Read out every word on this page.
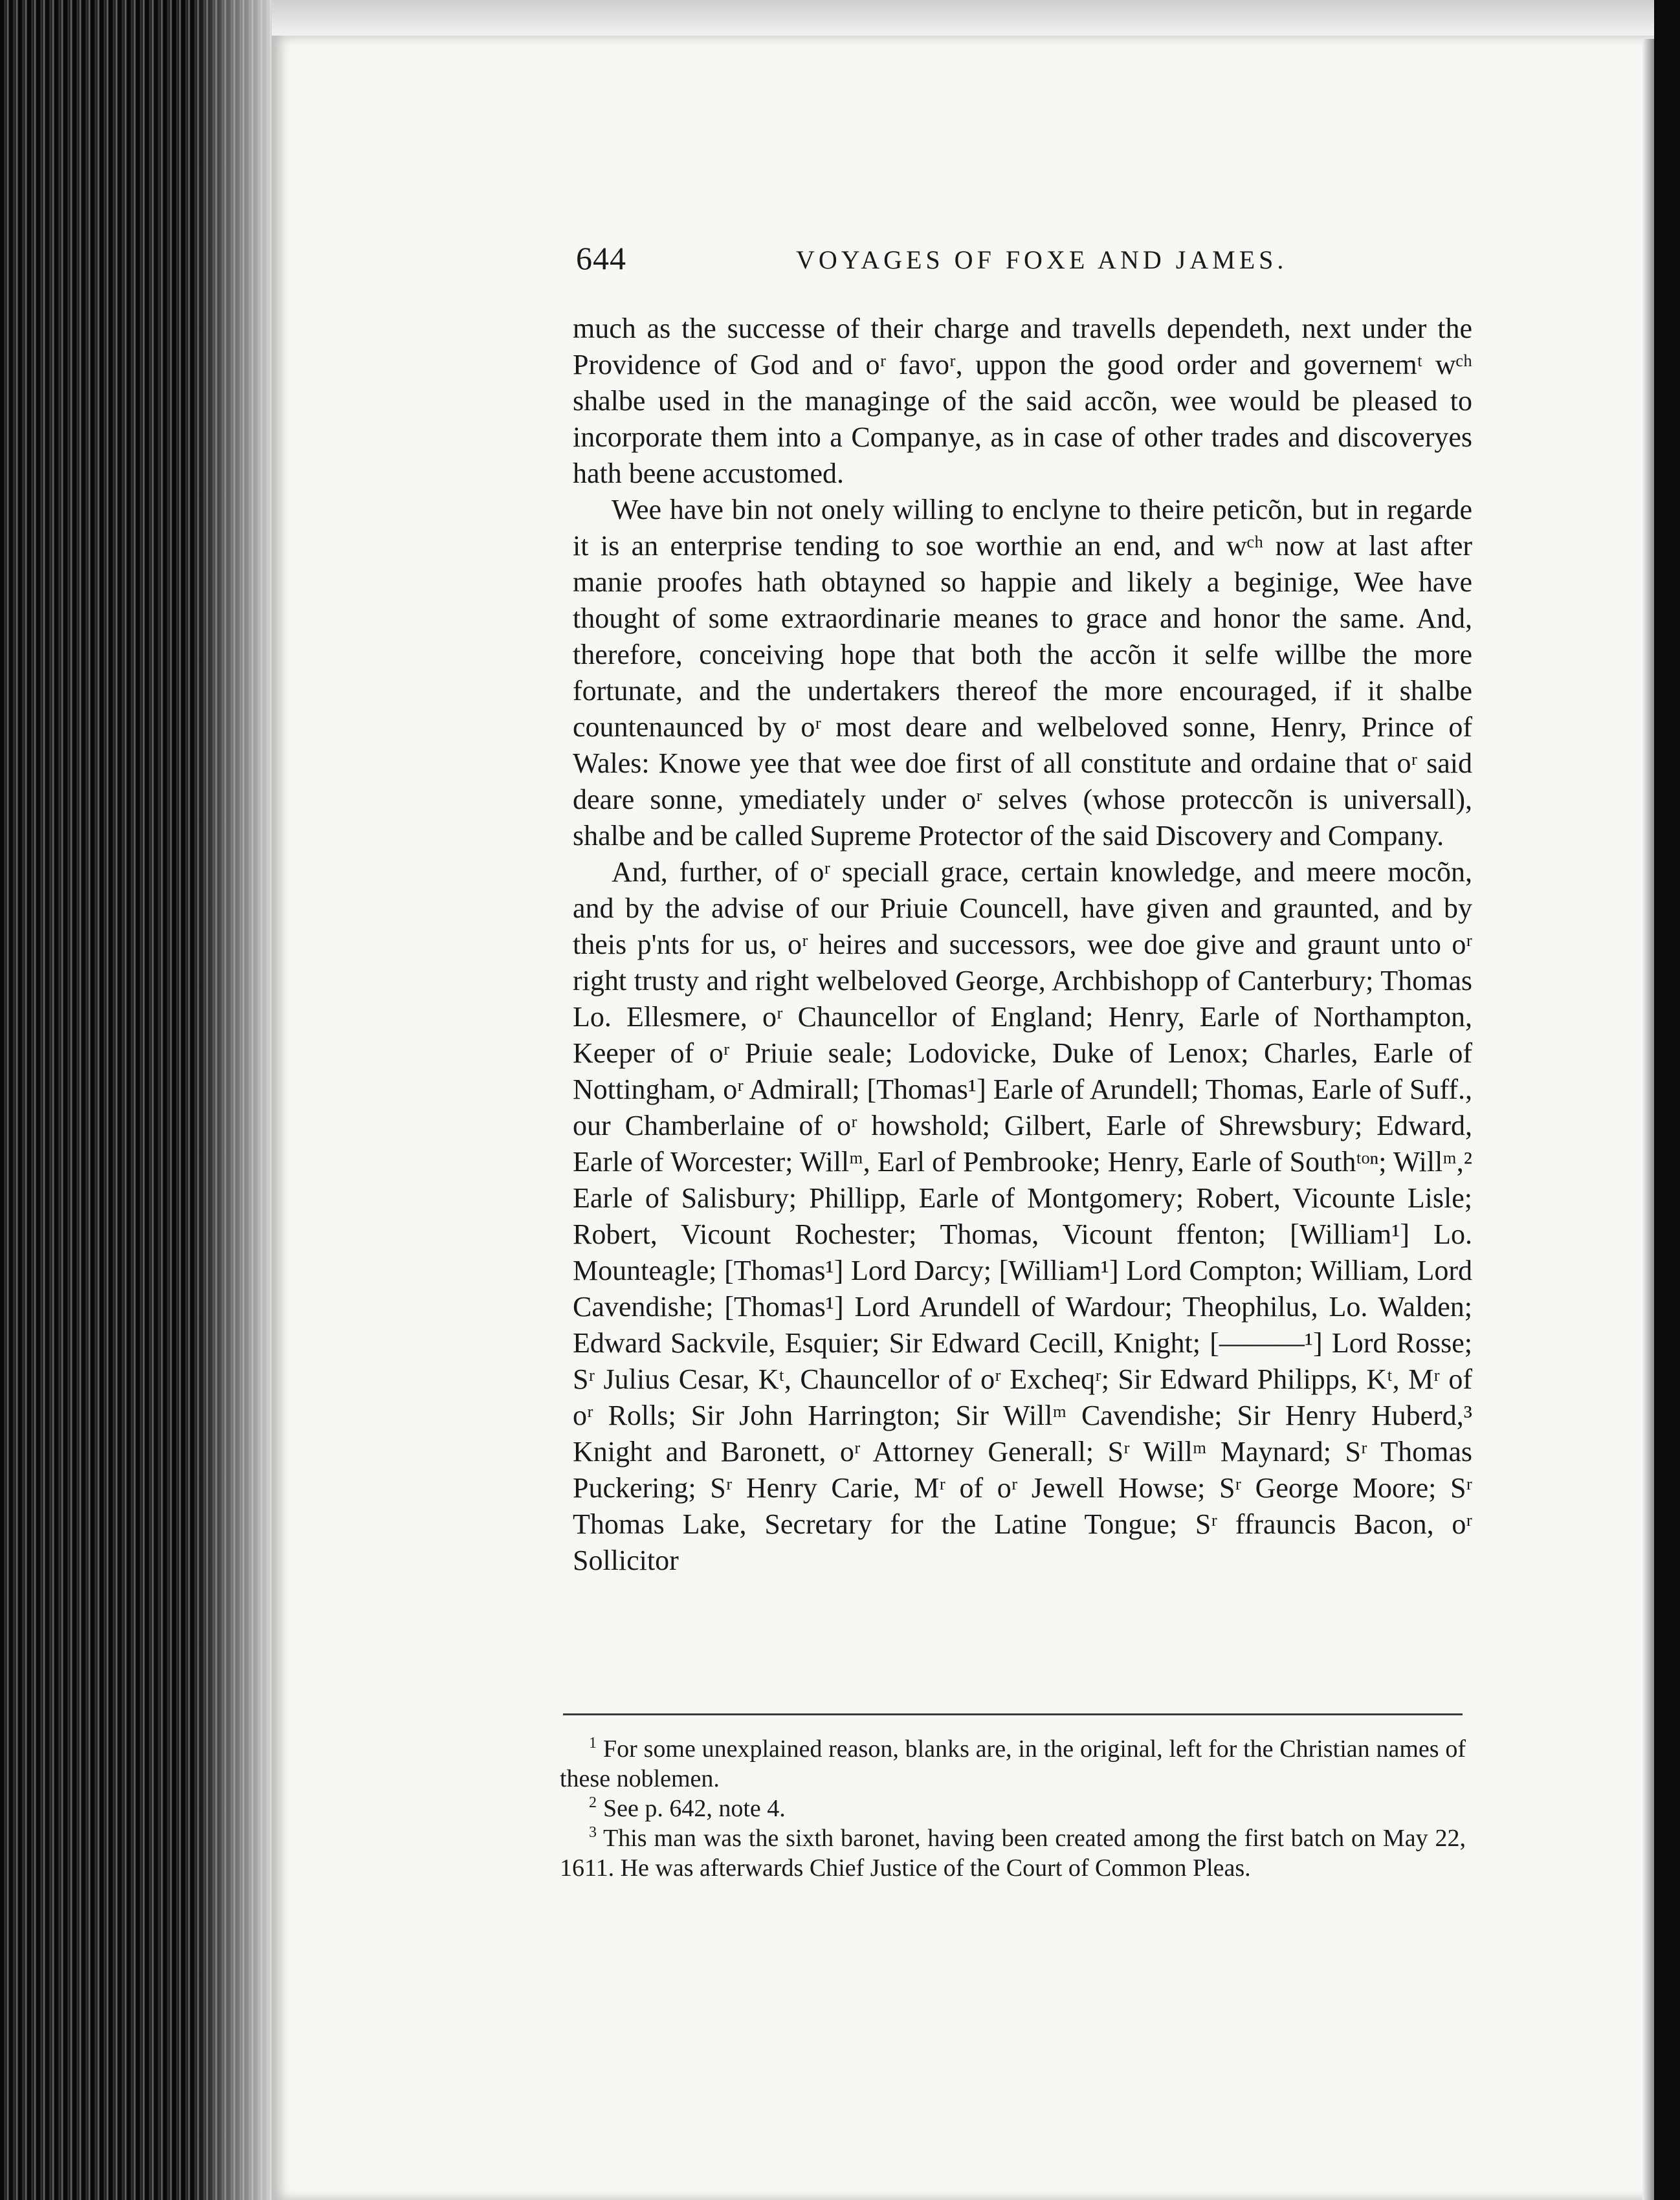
644	VOYAGES OF FOXE AND JAMES.

much as the successe of their charge and travells dependeth, next under the Providence of God and oʳ favoʳ, uppon the good order and governemᵗ wᶜʰ shalbe used in the managinge of the said accõn, wee would be pleased to incorporate them into a Companye, as in case of other trades and discoveryes hath beene accustomed.

Wee have bin not onely willing to enclyne to theire peticõn, but in regarde it is an enterprise tending to soe worthie an end, and wᶜʰ now at last after manie proofes hath obtayned so happie and likely a beginige, Wee have thought of some extraordinarie meanes to grace and honor the same. And, therefore, conceiving hope that both the accõn it selfe willbe the more fortunate, and the undertakers thereof the more encouraged, if it shalbe countenaunced by oʳ most deare and welbeloved sonne, Henry, Prince of Wales: Knowe yee that wee doe first of all constitute and ordaine that oʳ said deare sonne, ymediately under oʳ selves (whose proteccõn is universall), shalbe and be called Supreme Protector of the said Discovery and Company.

And, further, of oʳ speciall grace, certain knowledge, and meere mocõn, and by the advise of our Priuie Councell, have given and graunted, and by theis p'nts for us, oʳ heires and successors, wee doe give and graunt unto oʳ right trusty and right welbeloved George, Archbishopp of Canterbury; Thomas Lo. Ellesmere, oʳ Chauncellor of England; Henry, Earle of Northampton, Keeper of oʳ Priuie seale; Lodovicke, Duke of Lenox; Charles, Earle of Nottingham, oʳ Admirall; [Thomas¹] Earle of Arundell; Thomas, Earle of Suff., our Chamberlaine of oʳ howshold; Gilbert, Earle of Shrewsbury; Edward, Earle of Worcester; Willᵐ, Earl of Pembrooke; Henry, Earle of Southᵗᵒⁿ; Willᵐ,² Earle of Salisbury; Phillipp, Earle of Montgomery; Robert, Vicounte Lisle; Robert, Vicount Rochester; Thomas, Vicount ffenton; [William¹] Lo. Mounteagle; [Thomas¹] Lord Darcy; [William¹] Lord Compton; William, Lord Cavendishe; [Thomas¹] Lord Arundell of Wardour; Theophilus, Lo. Walden; Edward Sackvile, Esquier; Sir Edward Cecill, Knight; [———¹] Lord Rosse; Sʳ Julius Cesar, Kᵗ, Chauncellor of oʳ Excheqʳ; Sir Edward Philipps, Kᵗ, Mʳ of oʳ Rolls; Sir John Harrington; Sir Willᵐ Cavendishe; Sir Henry Huberd,³ Knight and Baronett, oʳ Attorney Generall; Sʳ Willᵐ Maynard; Sʳ Thomas Puckering; Sʳ Henry Carie, Mʳ of oʳ Jewell Howse; Sʳ George Moore; Sʳ Thomas Lake, Secretary for the Latine Tongue; Sʳ ffrauncis Bacon, oʳ Sollicitor

$^1$ For some unexplained reason, blanks are, in the original, left for the Christian names of these noblemen.

$^2$ See p. 642, note 4.

$^3$ This man was the sixth baronet, having been created among the first batch on May 22, 1611. He was afterwards Chief Justice of the Court of Common Pleas.
